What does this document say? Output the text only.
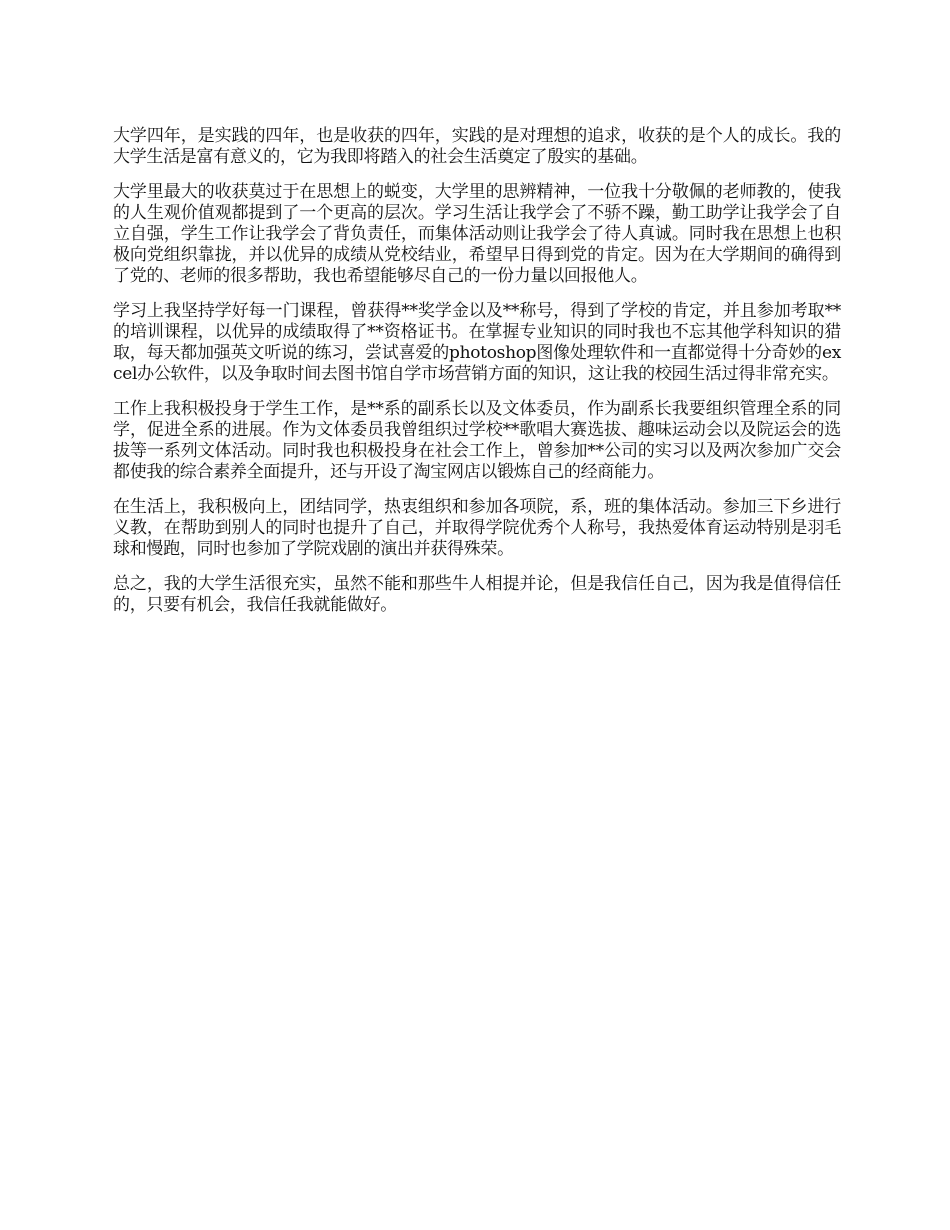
大学四年，是实践的四年，也是收获的四年，实践的是对理想的追求，收获的是个人的成长。我的大学生活是富有意义的，它为我即将踏入的社会生活奠定了殷实的基础。

大学里最大的收获莫过于在思想上的蜕变，大学里的思辨精神，一位我十分敬佩的老师教的，使我的人生观价值观都提到了一个更高的层次。学习生活让我学会了不骄不躁，勤工助学让我学会了自立自强，学生工作让我学会了背负责任，而集体活动则让我学会了待人真诚。同时我在思想上也积极向党组织靠拢，并以优异的成绩从党校结业，希望早日得到党的肯定。因为在大学期间的确得到了党的、老师的很多帮助，我也希望能够尽自己的一份力量以回报他人。

学习上我坚持学好每一门课程，曾获得**奖学金以及**称号，得到了学校的肯定，并且参加考取**的培训课程，以优异的成绩取得了**资格证书。在掌握专业知识的同时我也不忘其他学科知识的猎取，每天都加强英文听说的练习，尝试喜爱的photoshop图像处理软件和一直都觉得十分奇妙的excel办公软件，以及争取时间去图书馆自学市场营销方面的知识，这让我的校园生活过得非常充实。

工作上我积极投身于学生工作，是**系的副系长以及文体委员，作为副系长我要组织管理全系的同学，促进全系的进展。作为文体委员我曾组织过学校**歌唱大赛选拔、趣味运动会以及院运会的选拔等一系列文体活动。同时我也积极投身在社会工作上，曾参加**公司的实习以及两次参加广交会都使我的综合素养全面提升，还与开设了淘宝网店以锻炼自己的经商能力。

在生活上，我积极向上，团结同学，热衷组织和参加各项院，系，班的集体活动。参加三下乡进行义教，在帮助到别人的同时也提升了自己，并取得学院优秀个人称号，我热爱体育运动特别是羽毛球和慢跑，同时也参加了学院戏剧的演出并获得殊荣。

总之，我的大学生活很充实，虽然不能和那些牛人相提并论，但是我信任自己，因为我是值得信任的，只要有机会，我信任我就能做好。
